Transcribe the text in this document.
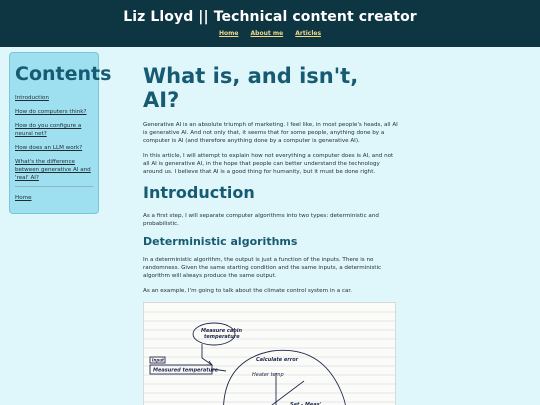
Liz Lloyd || Technical content creator
Home About me Articles
Contents
Introduction
How do computers think?
How do you configure a neural net?
How does an LLM work?
What's the difference between generative AI and 'real' AI?
Home
What is, and isn't, AI?

Generative AI is an absolute triumph of marketing. I feel like, in most people's heads, all AI is generative AI. And not only that, it seems that for some people, anything done by a computer is AI (and therefore anything done by a computer is generative AI).

In this article, I will attempt to explain how not everything a computer does is AI, and not all AI is generative AI, in the hope that people can better understand the technology around us. I believe that AI is a good thing for humanity, but it must be done right.

Introduction

As a first step, I will separate computer algorithms into two types: deterministic and probabilistic.

Deterministic algorithms

In a deterministic algorithm, the output is just a function of the inputs. There is no randomness. Given the same starting condition and the same inputs, a deterministic algorithm will always produce the same output.

As an example, I'm going to talk about the climate control system in a car.

Measure cabin temperature
Input
Measured temperature
Calculate error
Heater temp
Set - Meas'
